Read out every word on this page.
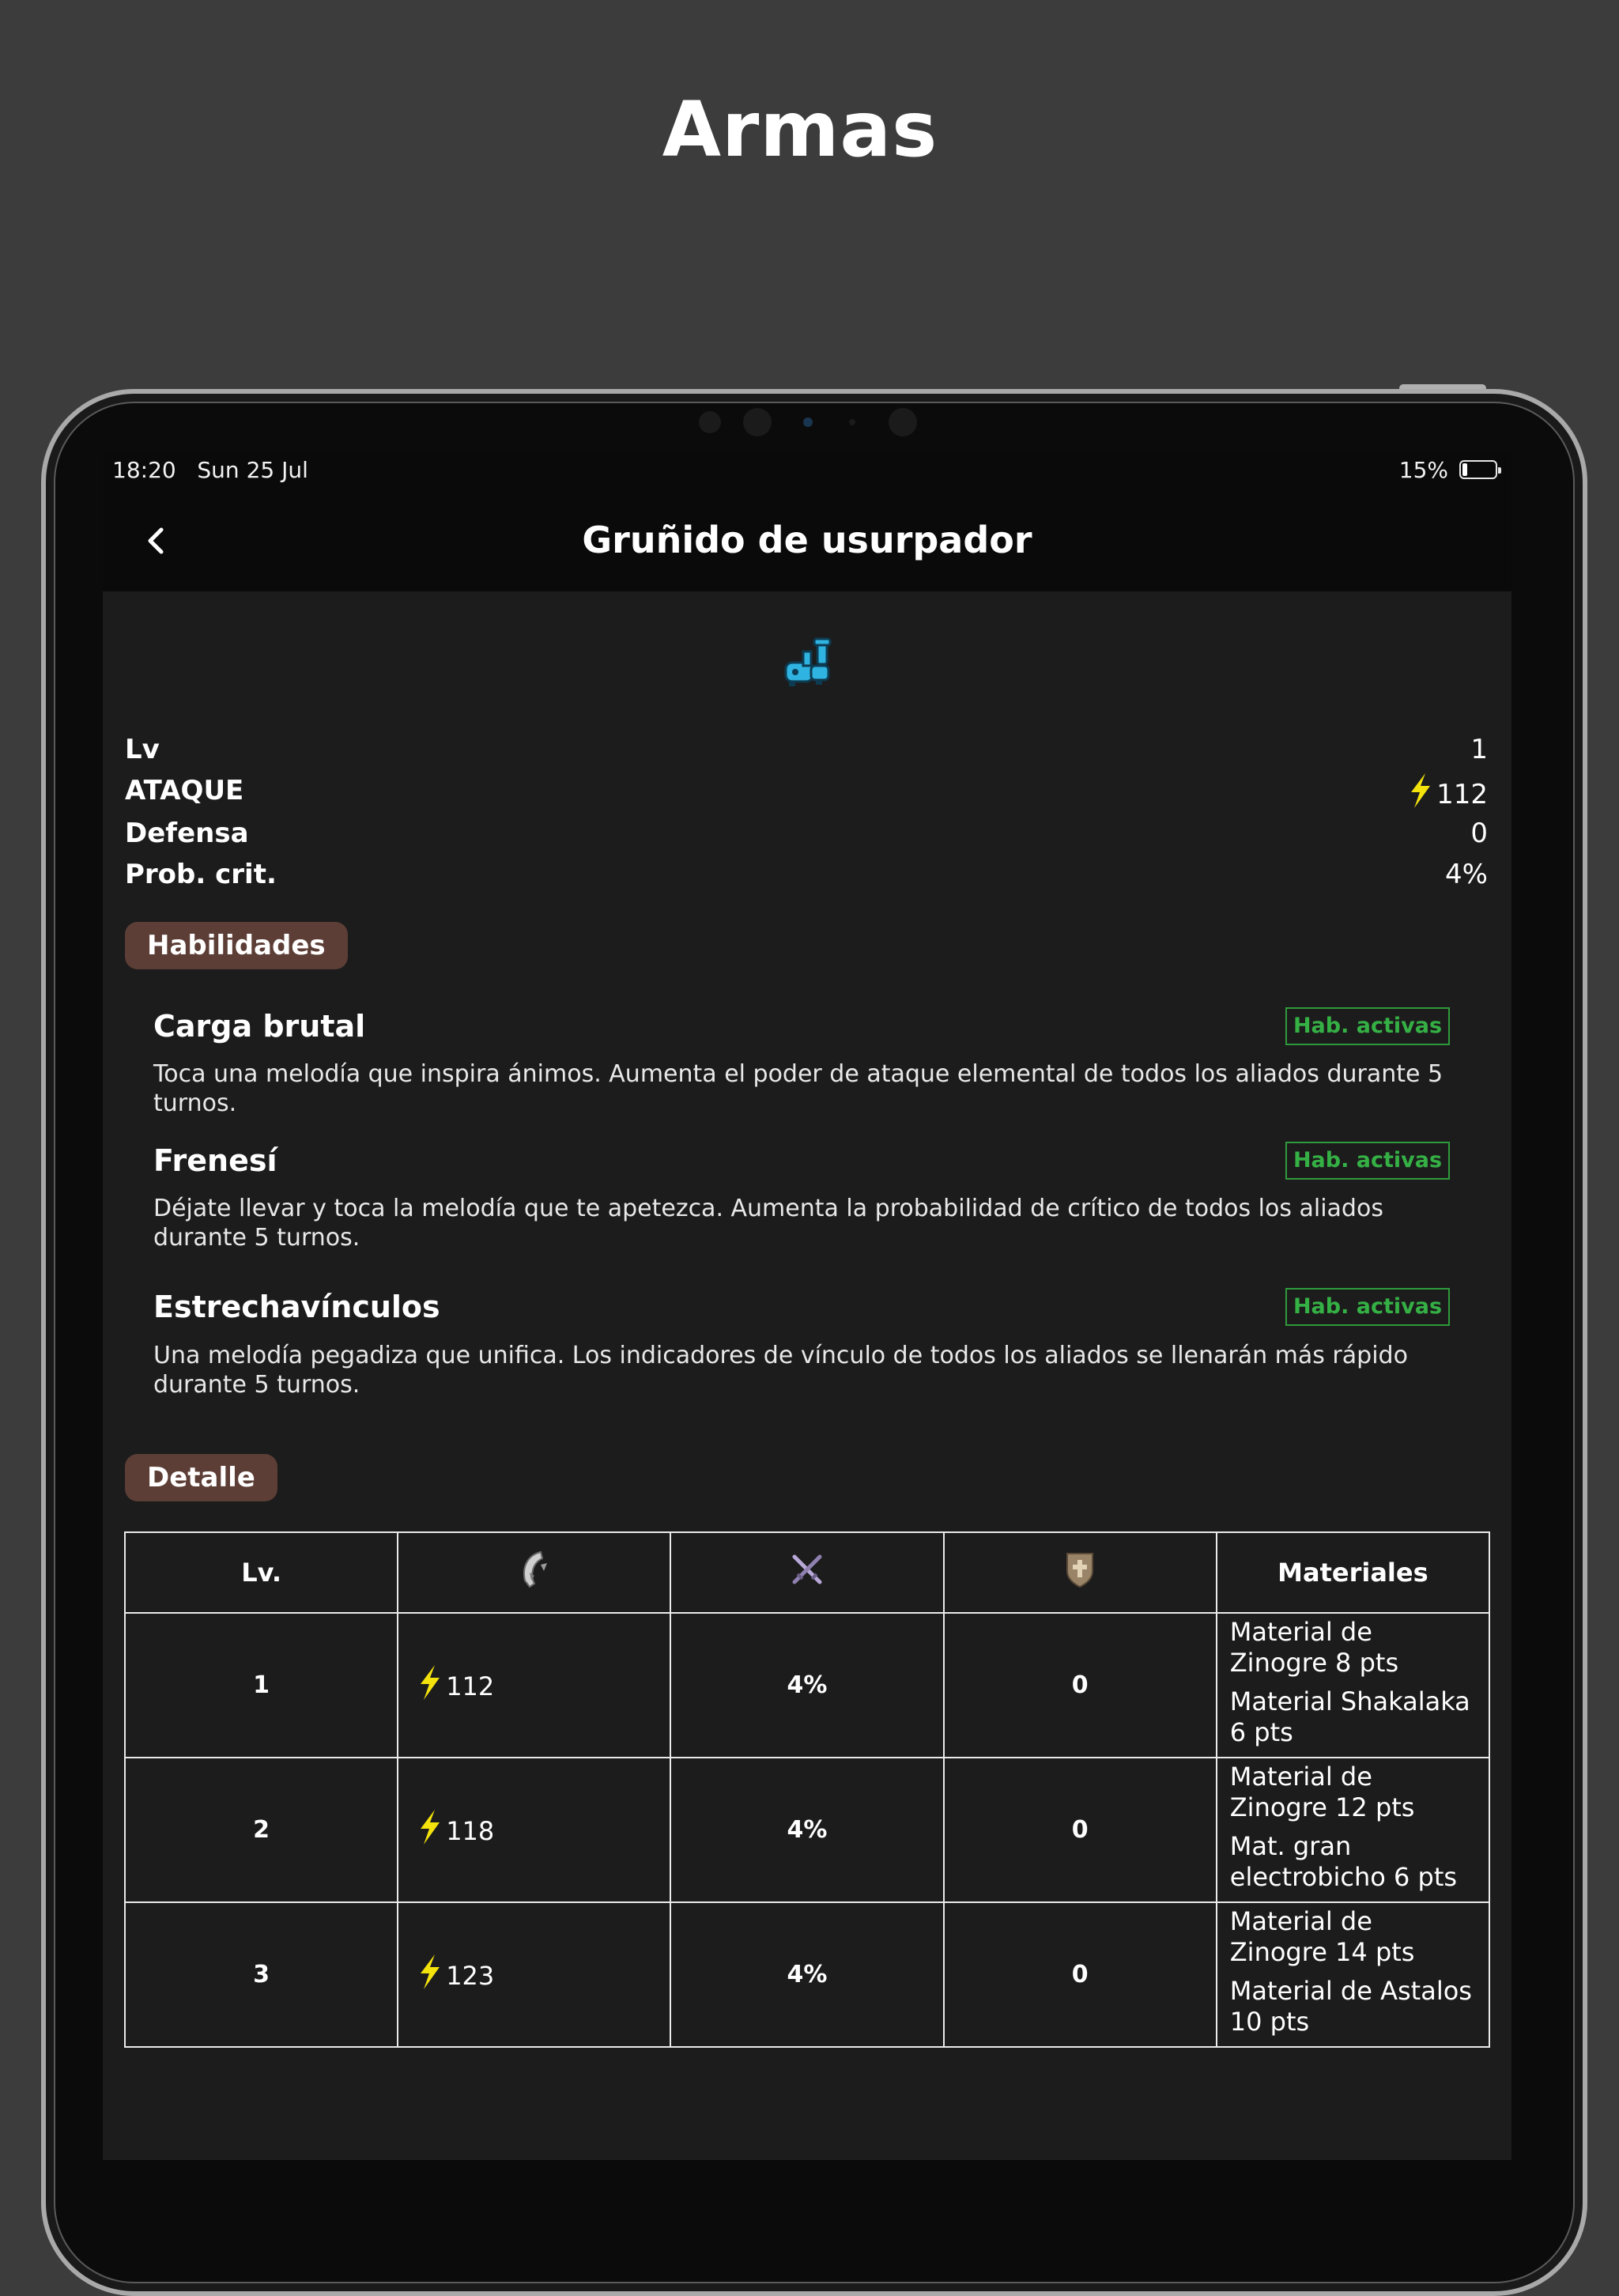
Armas
18:20 Sun 25 Jul	15%
Gruñido de usurpador
Lv	1
ATAQUE	112
Defensa	0
Prob. crit.	4%
Habilidades
Carga brutal	Hab. activas
Toca una melodía que inspira ánimos. Aumenta el poder de ataque elemental de todos los aliados durante 5 turnos.
Frenesí	Hab. activas
Déjate llevar y toca la melodía que te apetezca. Aumenta la probabilidad de crítico de todos los aliados durante 5 turnos.
Estrechavínculos	Hab. activas
Una melodía pegadiza que unifica. Los indicadores de vínculo de todos los aliados se llenarán más rápido durante 5 turnos.
Detalle
Lv.				Materiales
1	112	4%	0	Material de Zinogre 8 pts
Material Shakalaka 6 pts

2	118	4%	0	Material de Zinogre 12 pts
Mat. gran electrobicho 6 pts

3	123	4%	0	Material de Zinogre 14 pts
Material de Astalos 10 pts
